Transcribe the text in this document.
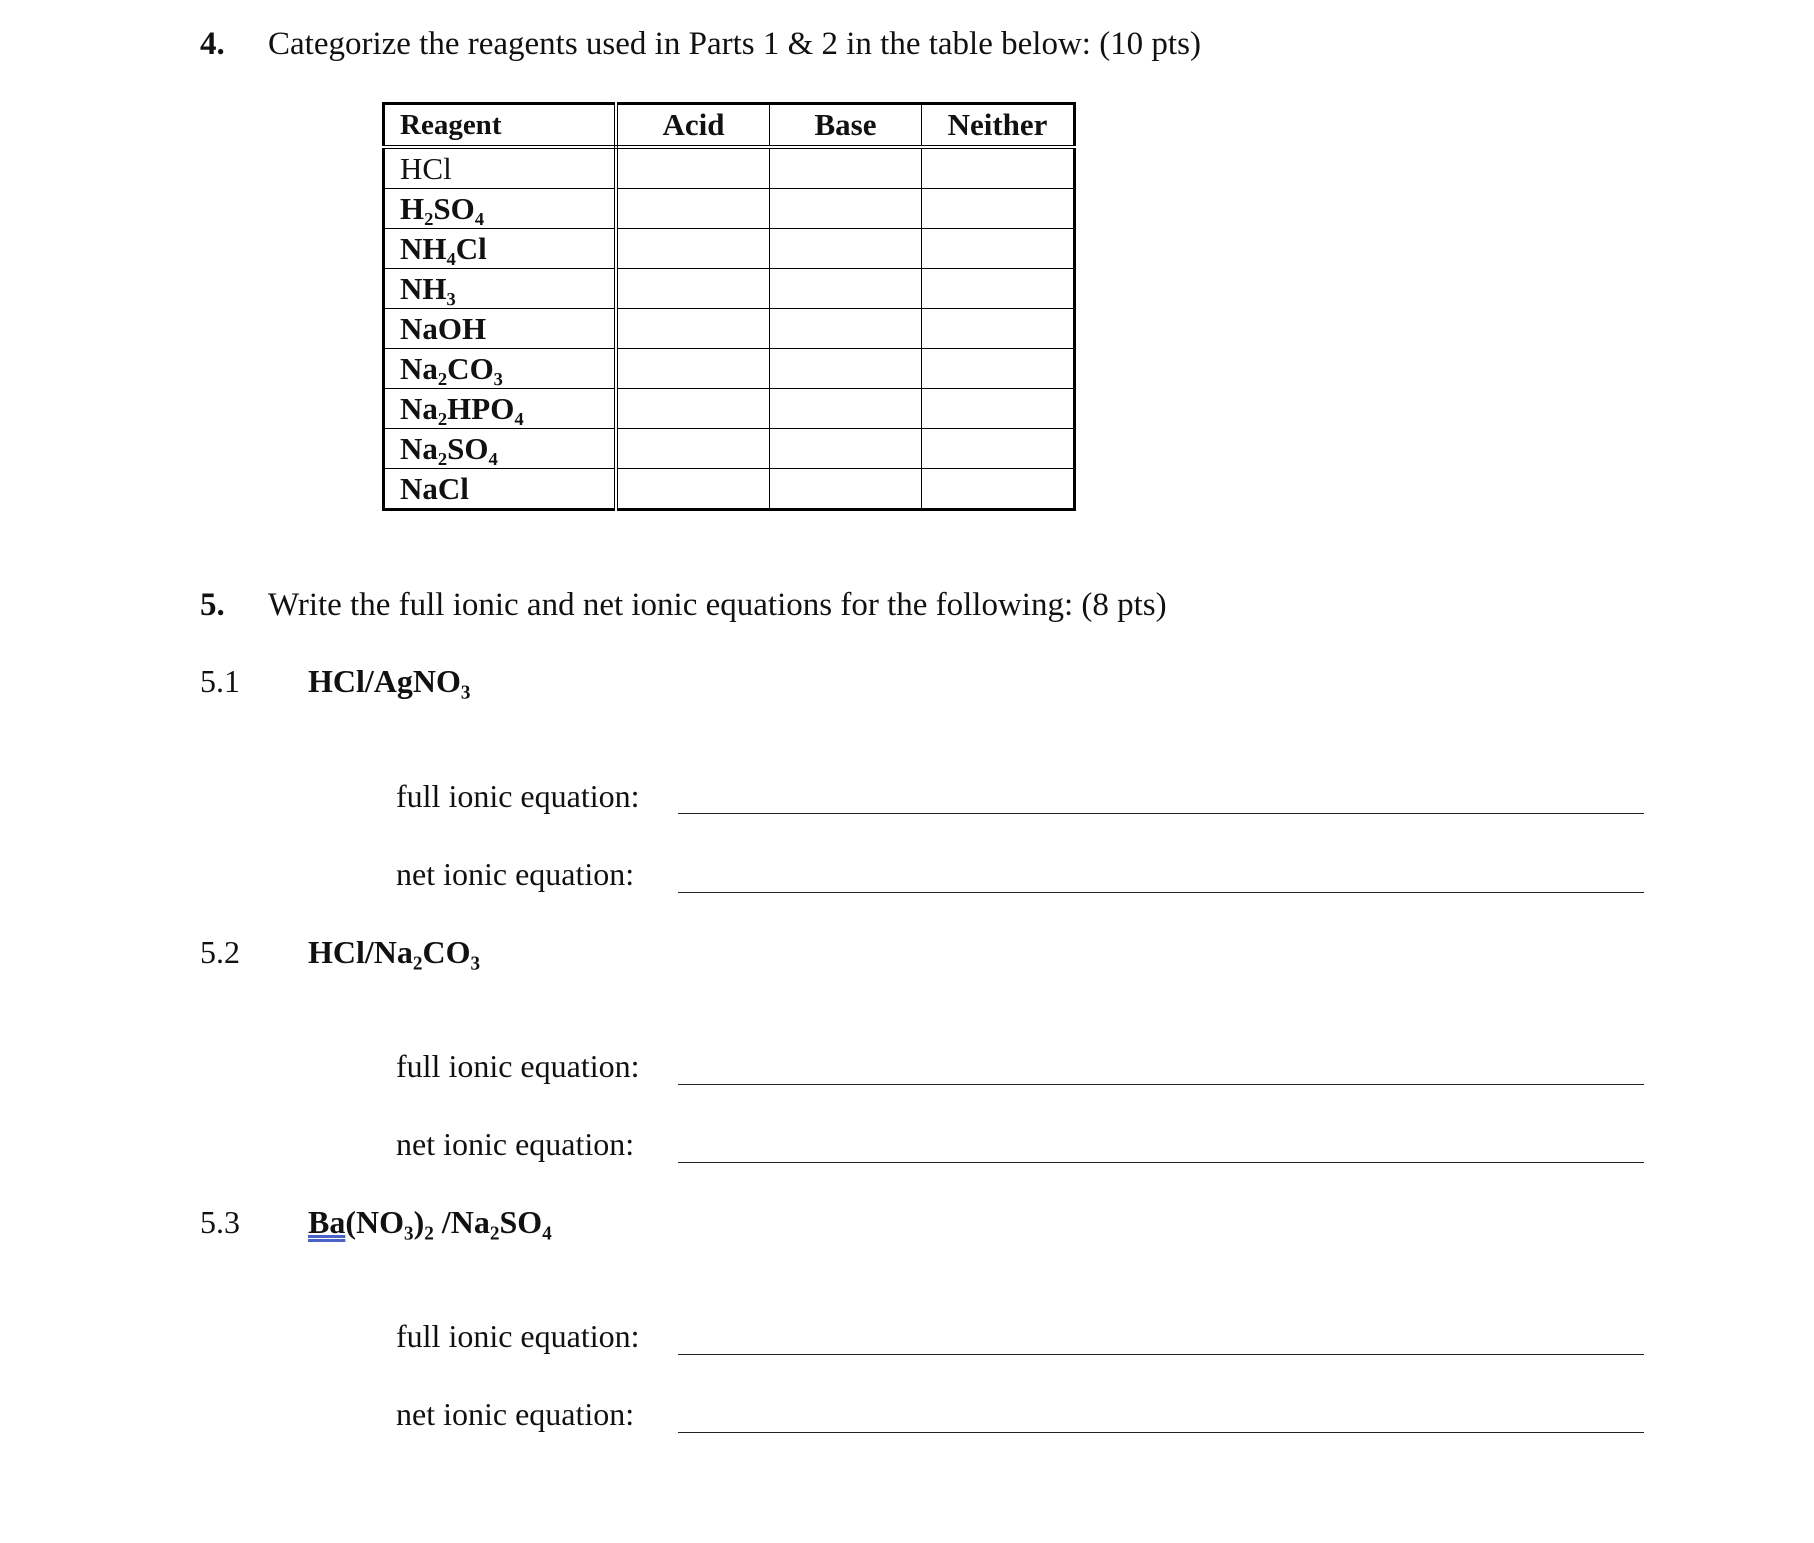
4. Categorize the reagents used in Parts 1 & 2 in the table below: (10 pts)
Reagent	Acid	Base	Neither
HCl			
H₂SO₄			
NH₄Cl			
NH₃			
NaOH			
Na₂CO₃			
Na₂HPO₄			
Na₂SO₄			
NaCl			
5. Write the full ionic and net ionic equations for the following: (8 pts)
5.1 HCl/AgNO₃
full ionic equation:
net ionic equation:
5.2 HCl/Na₂CO₃
full ionic equation:
net ionic equation:
5.3 Ba(NO₃)₂ /Na₂SO₄
full ionic equation:
net ionic equation:
